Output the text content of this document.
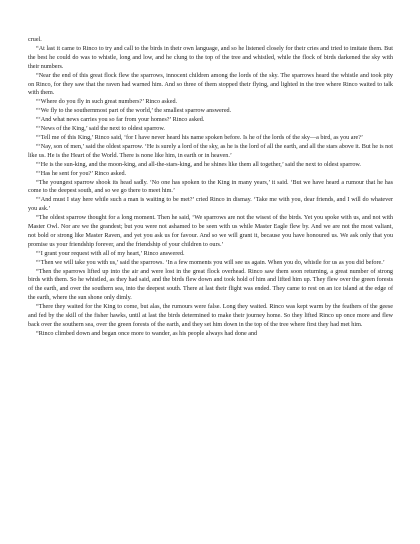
cruel.

“At last it came to Rinco to try and call to the birds in their own language, and so he listened closely for their cries and tried to imitate them. But the best he could do was to whistle, long and low, and he clung to the top of the tree and whistled, while the flock of birds darkened the sky with their numbers.

“Near the end of this great flock flew the sparrows, innocent children among the lords of the sky. The sparrows heard the whistle and took pity on Rinco, for they saw that the raven had warned him. And so three of them stopped their flying, and lighted in the tree where Rinco waited to talk with them.

“‘Where do you fly in such great numbers?’ Rinco asked.

“‘We fly to the southernmost part of the world,’ the smallest sparrow answered.

“‘And what news carries you so far from your homes?’ Rinco asked.

“‘News of the King,’ said the next to oldest sparrow.

“‘Tell me of this King,’ Rinco said, ‘for I have never heard his name spoken before. Is he of the lords of the sky—a bird, as you are?’

“‘Nay, son of men,’ said the oldest sparrow. ‘He is surely a lord of the sky, as he is the lord of all the earth, and all the stars above it. But he is not like us. He is the Heart of the World. There is none like him, in earth or in heaven.’

“‘He is the sun-king, and the moon-king, and all-the-stars-king, and he shines like them all together,’ said the next to oldest sparrow.

“‘Has he sent for you?’ Rinco asked.

“The youngest sparrow shook its head sadly. ‘No one has spoken to the King in many years,’ it said. ‘But we have heard a rumour that he has come to the deepest south, and so we go there to meet him.’

“‘And must I stay here while such a man is waiting to be met?’ cried Rinco in dismay. ‘Take me with you, dear friends, and I will do whatever you ask.’

“The oldest sparrow thought for a long moment. Then he said, ‘We sparrows are not the wisest of the birds. Yet you spoke with us, and not with Master Owl. Nor are we the grandest; but you were not ashamed to be seen with us while Master Eagle flew by. And we are not the most valiant, not bold or strong like Master Raven, and yet you ask us for favour. And so we will grant it, because you have honoured us. We ask only that you promise us your friendship forever, and the friendship of your children to ours.’

“‘I grant your request with all of my heart,’ Rinco answered.

“‘Then we will take you with us,’ said the sparrows. ‘In a few moments you will see us again. When you do, whistle for us as you did before.’

“Then the sparrows lifted up into the air and were lost in the great flock overhead. Rinco saw them soon returning, a great number of strong birds with them. So he whistled, as they had said, and the birds flew down and took hold of him and lifted him up. They flew over the green forests of the earth, and over the southern sea, into the deepest south. There at last their flight was ended. They came to rest on an ice island at the edge of the earth, where the sun shone only dimly.

“There they waited for the King to come, but alas, the rumours were false. Long they waited. Rinco was kept warm by the feathers of the geese and fed by the skill of the fisher hawks, until at last the birds determined to make their journey home. So they lifted Rinco up once more and flew back over the southern sea, over the green forests of the earth, and they set him down in the top of the tree where first they had met him.

“Rinco climbed down and began once more to wander, as his people always had done and
